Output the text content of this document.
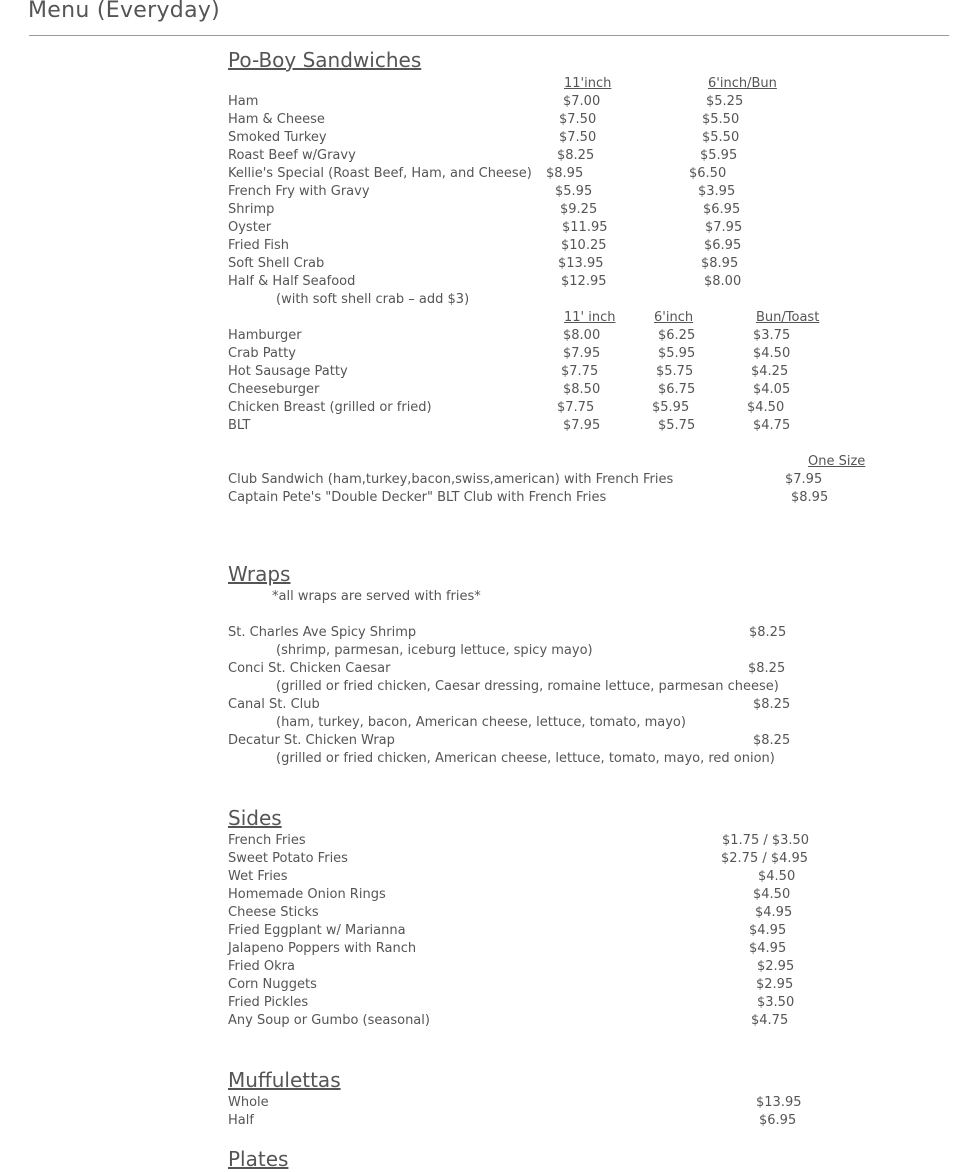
Menu (Everyday)
Po-Boy Sandwiches
11'inch	6'inch/Bun
Ham	$7.00	$5.25
Ham & Cheese	$7.50	$5.50
Smoked Turkey	$7.50	$5.50
Roast Beef w/Gravy	$8.25	$5.95
Kellie's Special (Roast Beef, Ham, and Cheese) $8.95	$6.50
French Fry with Gravy	$5.95	$3.95
Shrimp	$9.25	$6.95
Oyster	$11.95	$7.95
Fried Fish	$10.25	$6.95
Soft Shell Crab	$13.95	$8.95
Half & Half Seafood	$12.95	$8.00
(with soft shell crab – add $3)
11' inch	6'inch	Bun/Toast
Hamburger	$8.00	$6.25	$3.75
Crab Patty	$7.95	$5.95	$4.50
Hot Sausage Patty	$7.75	$5.75	$4.25
Cheeseburger	$8.50	$6.75	$4.05
Chicken Breast (grilled or fried)	$7.75	$5.95	$4.50
BLT	$7.95	$5.75	$4.75
One Size
Club Sandwich (ham,turkey,bacon,swiss,american) with French Fries	$7.95
Captain Pete's "Double Decker" BLT Club with French Fries	$8.95
Wraps
*all wraps are served with fries*
St. Charles Ave Spicy Shrimp	$8.25
(shrimp, parmesan, iceburg lettuce, spicy mayo)
Conci St. Chicken Caesar	$8.25
(grilled or fried chicken, Caesar dressing, romaine lettuce, parmesan cheese)
Canal St. Club	$8.25
(ham, turkey, bacon, American cheese, lettuce, tomato, mayo)
Decatur St. Chicken Wrap	$8.25
(grilled or fried chicken, American cheese, lettuce, tomato, mayo, red onion)
Sides
French Fries	$1.75 / $3.50
Sweet Potato Fries	$2.75 / $4.95
Wet Fries	$4.50
Homemade Onion Rings	$4.50
Cheese Sticks	$4.95
Fried Eggplant w/ Marianna	$4.95
Jalapeno Poppers with Ranch	$4.95
Fried Okra	$2.95
Corn Nuggets	$2.95
Fried Pickles	$3.50
Any Soup or Gumbo (seasonal)	$4.75
Muffulettas
Whole	$13.95
Half	$6.95
Plates
